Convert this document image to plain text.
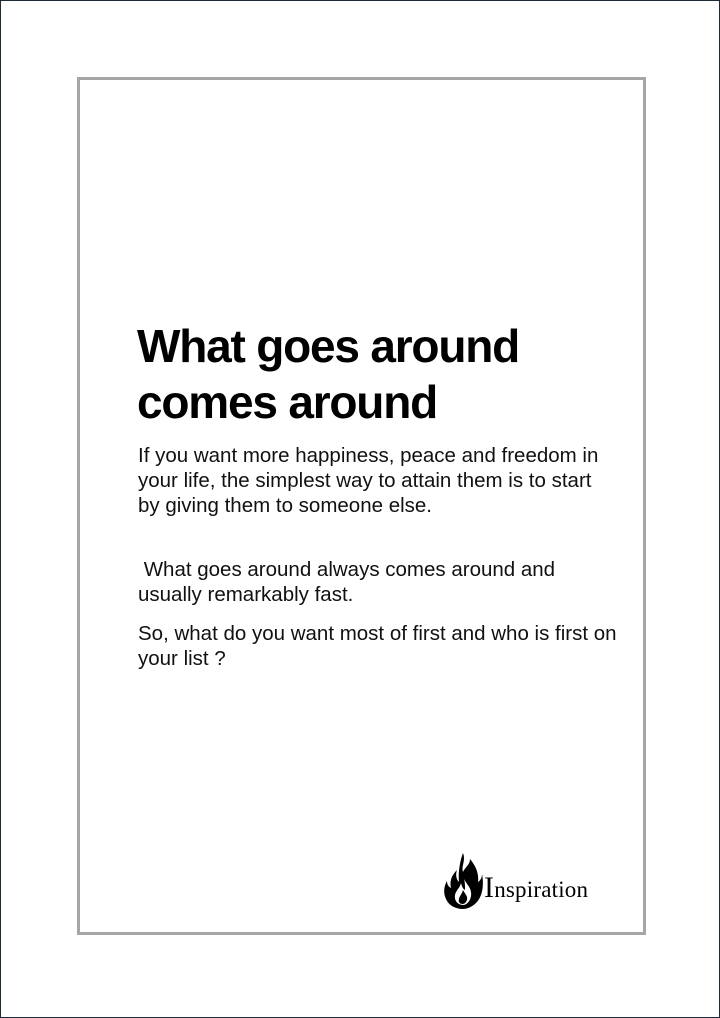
What goes around
comes around

If you want more happiness, peace and freedom in your life, the simplest way to attain them is to start by giving them to someone else.

What goes around always comes around and usually remarkably fast.

So, what do you want most of first and who is first on your list ?

Inspiration
